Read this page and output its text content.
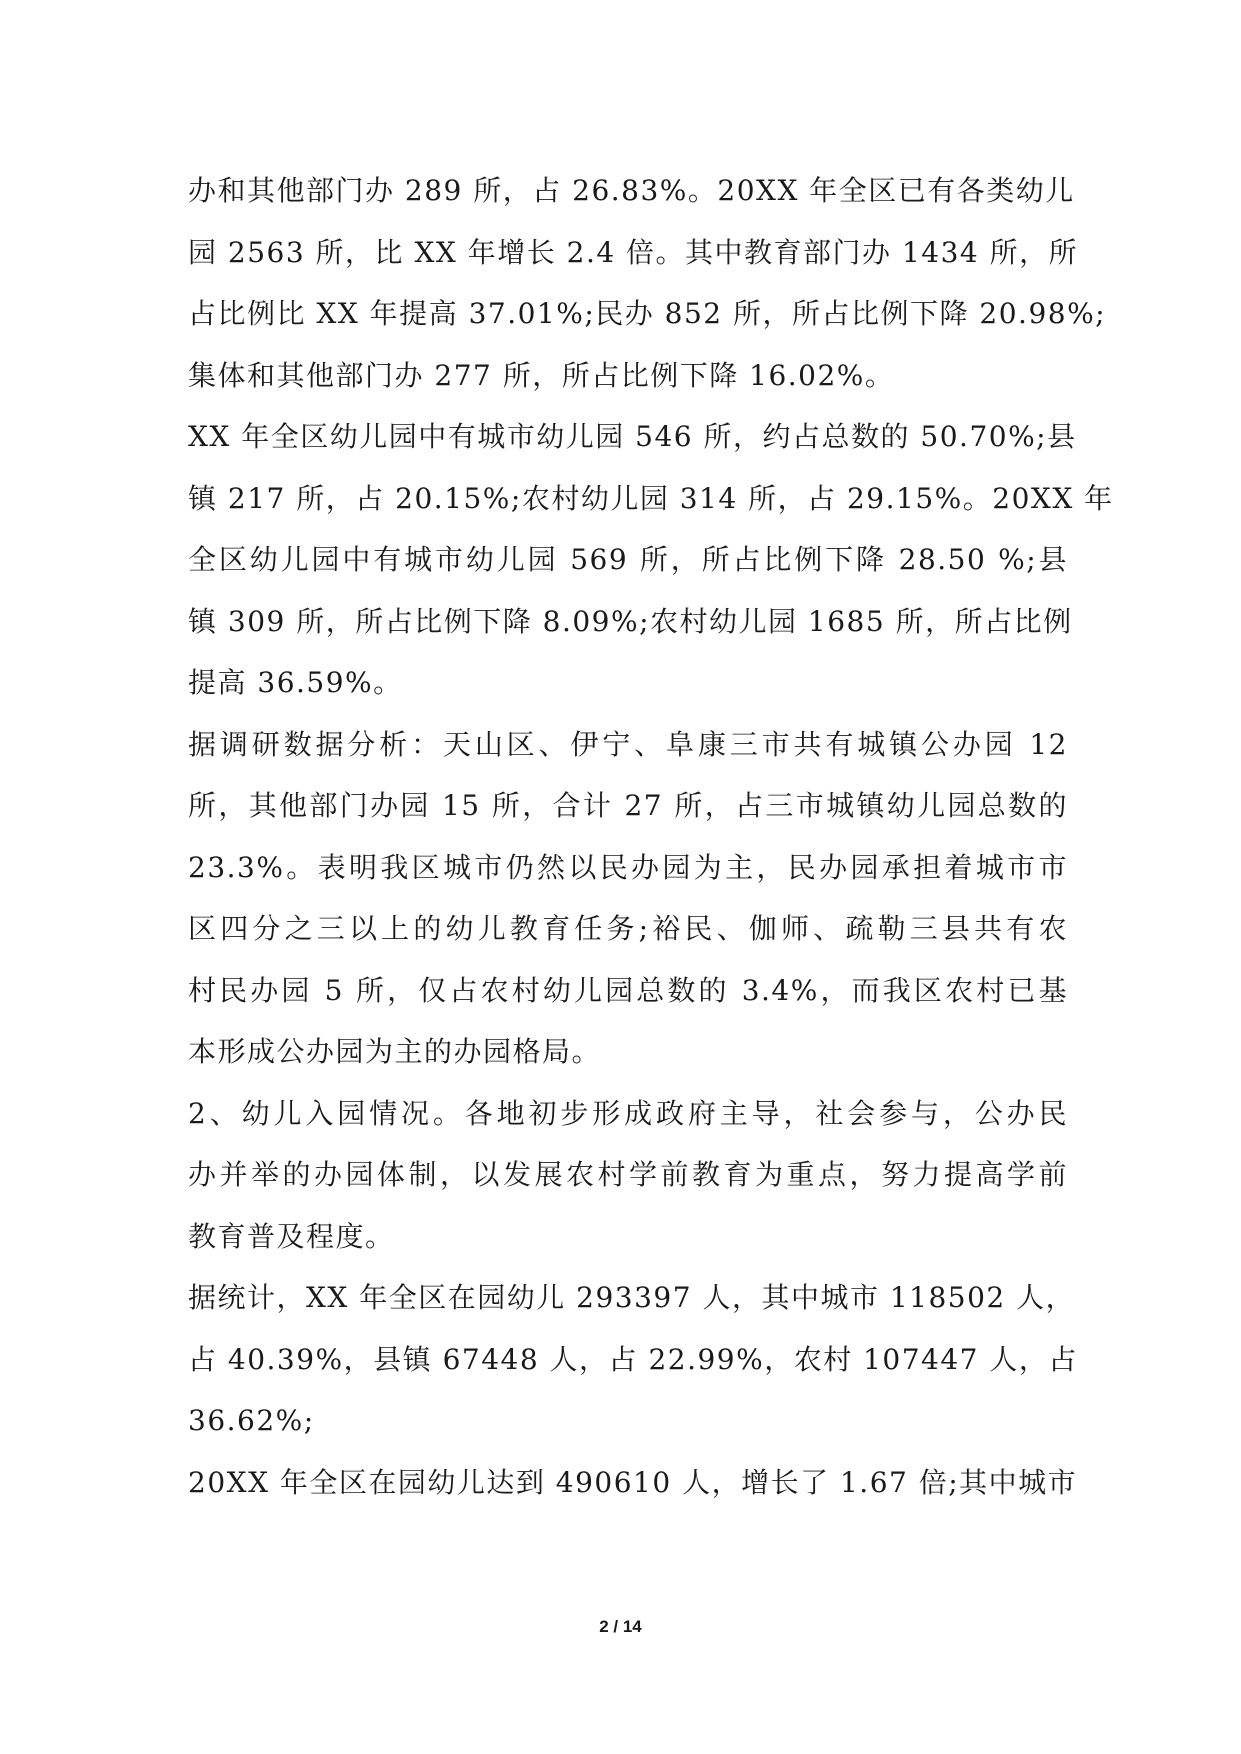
办和其他部门办 289 所，占 26.83%。20XX 年全区已有各类幼儿
园 2563 所，比 XX 年增长 2.4 倍。其中教育部门办 1434 所，所
占比例比 XX 年提高 37.01%;民办 852 所，所占比例下降 20.98%;
集体和其他部门办 277 所，所占比例下降 16.02%。
XX 年全区幼儿园中有城市幼儿园 546 所，约占总数的 50.70%;县
镇 217 所，占 20.15%;农村幼儿园 314 所，占 29.15%。20XX 年
全区幼儿园中有城市幼儿园 569 所，所占比例下降 28.50 %;县
镇 309 所，所占比例下降 8.09%;农村幼儿园 1685 所，所占比例
提高 36.59%。
据调研数据分析：天山区、伊宁、阜康三市共有城镇公办园 12
所，其他部门办园 15 所，合计 27 所，占三市城镇幼儿园总数的
23.3%。表明我区城市仍然以民办园为主，民办园承担着城市市
区四分之三以上的幼儿教育任务;裕民、伽师、疏勒三县共有农
村民办园 5 所，仅占农村幼儿园总数的 3.4%，而我区农村已基
本形成公办园为主的办园格局。
2、幼儿入园情况。各地初步形成政府主导，社会参与，公办民
办并举的办园体制，以发展农村学前教育为重点，努力提高学前
教育普及程度。
据统计，XX 年全区在园幼儿 293397 人，其中城市 118502 人，
占 40.39%，县镇 67448 人，占 22.99%，农村 107447 人，占
36.62%;
20XX 年全区在园幼儿达到 490610 人，增长了 1.67 倍;其中城市
2 / 14
